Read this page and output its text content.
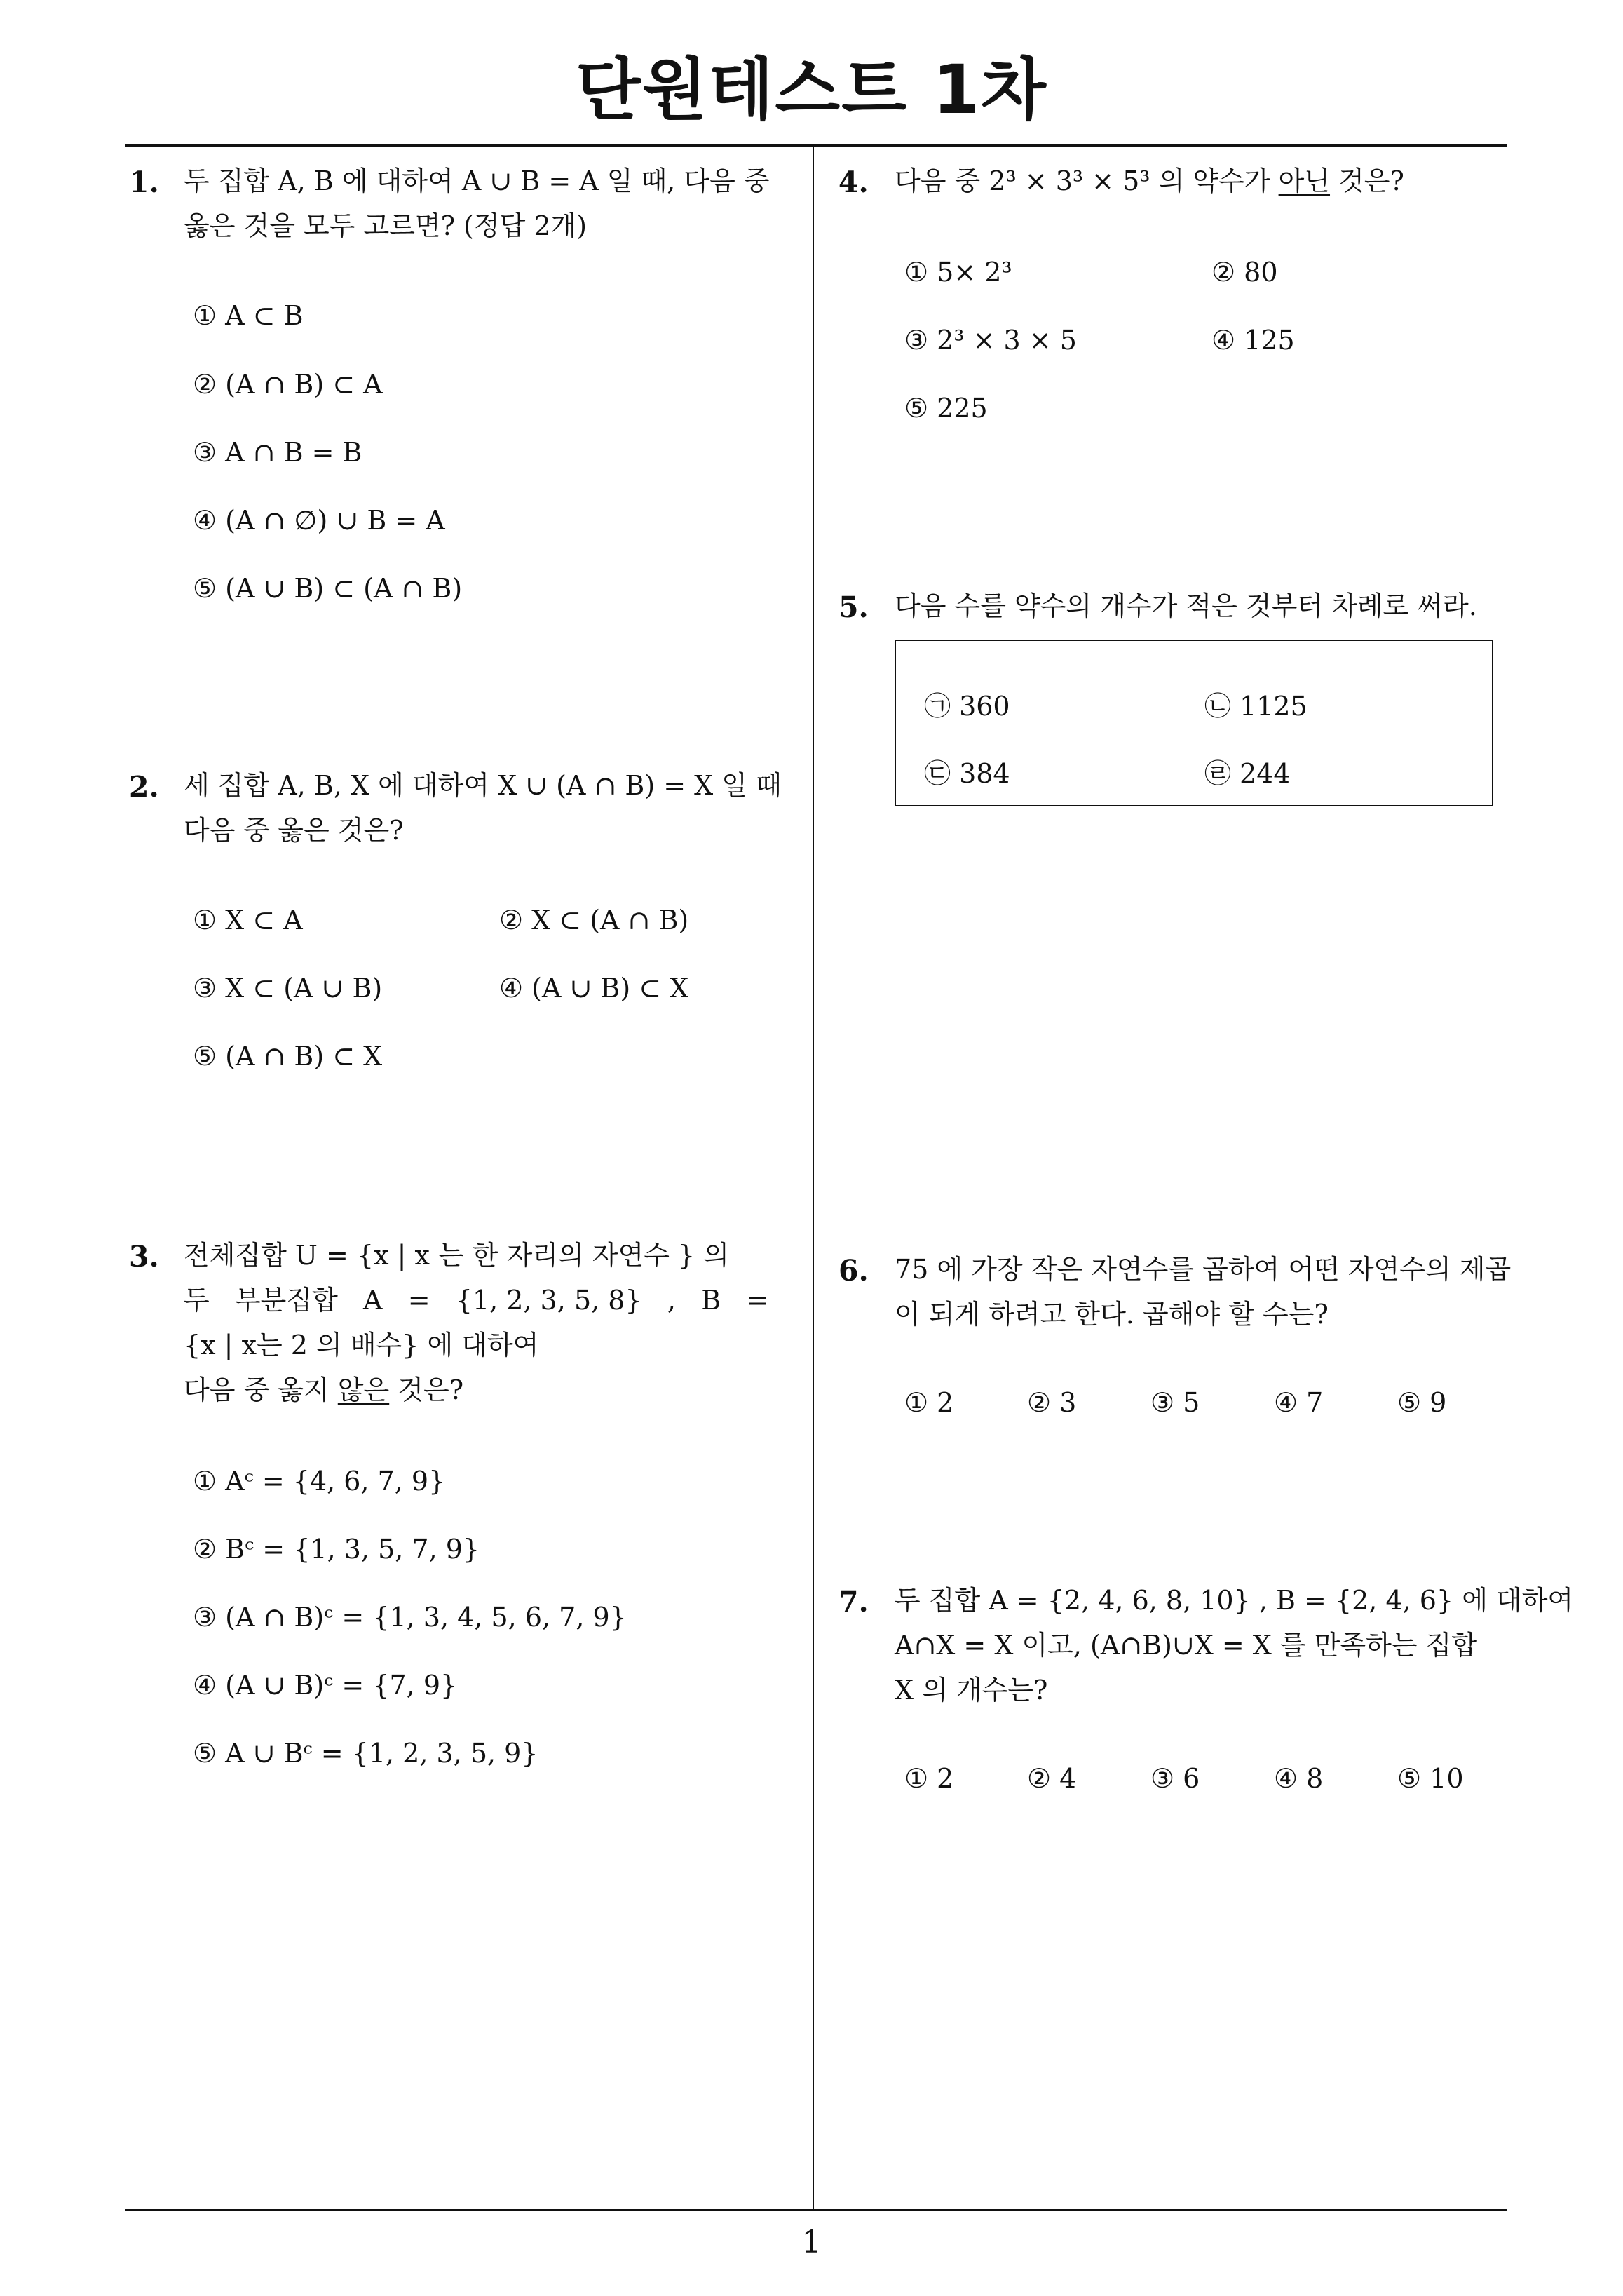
단원테스트 1차
1. 두 집합 A, B 에 대하여 A ∪ B = A 일 때, 다음 중
옳은 것을 모두 고르면? (정답 2개)
① A ⊂ B
② (A ∩ B) ⊂ A
③ A ∩ B = B
④ (A ∩ ∅) ∪ B = A
⑤ (A ∪ B) ⊂ (A ∩ B)
2. 세 집합 A, B, X 에 대하여 X ∪ (A ∩ B) = X 일 때
다음 중 옳은 것은?
① X ⊂ A	② X ⊂ (A ∩ B)
③ X ⊂ (A ∪ B)	④ (A ∪ B) ⊂ X
⑤ (A ∩ B) ⊂ X
3. 전체집합 U = {x | x 는 한 자리의 자연수 } 의
두   부분집합   A   =   {1, 2, 3, 5, 8}   ,   B   =
{x | x는 2 의 배수} 에 대하여
다음 중 옳지 않은 것은?
① Aᶜ = {4, 6, 7, 9}
② Bᶜ = {1, 3, 5, 7, 9}
③ (A ∩ B)ᶜ = {1, 3, 4, 5, 6, 7, 9}
④ (A ∪ B)ᶜ = {7, 9}
⑤ A ∪ Bᶜ = {1, 2, 3, 5, 9}
4. 다음 중 2³ × 3³ × 5³ 의 약수가 아닌 것은?
① 5× 2³	② 80
③ 2³ × 3 × 5	④ 125
⑤ 225
5. 다음 수를 약수의 개수가 적은 것부터 차례로 써라.
㉠ 360	㉡ 1125
㉢ 384	㉣ 244
6. 75 에 가장 작은 자연수를 곱하여 어떤 자연수의 제곱
이 되게 하려고 한다. 곱해야 할 수는?
① 2	② 3	③ 5	④ 7	⑤ 9
7. 두 집합 A = {2, 4, 6, 8, 10} , B = {2, 4, 6} 에 대하여
A∩X = X 이고, (A∩B)∪X = X 를 만족하는 집합
X 의 개수는?
① 2	② 4	③ 6	④ 8	⑤ 10
1
